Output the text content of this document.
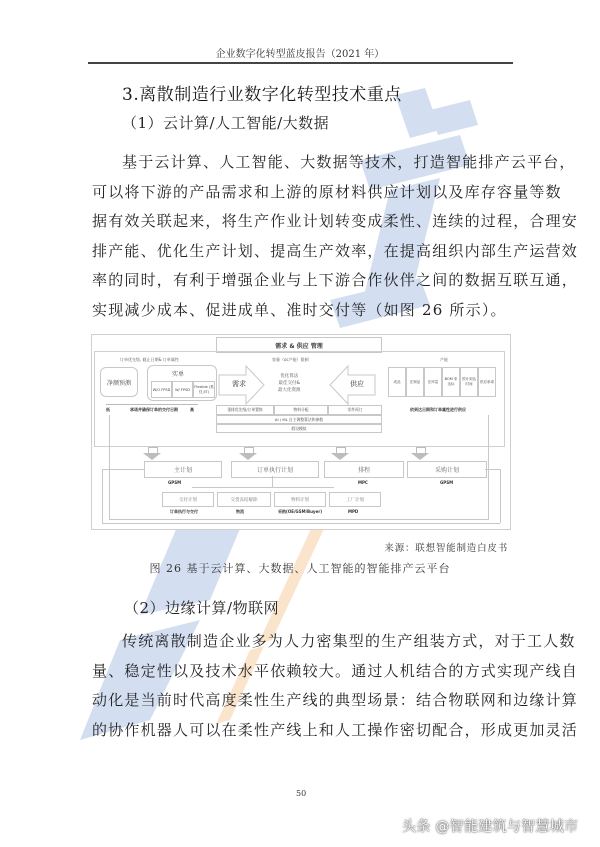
企业数字化转型蓝皮报告（2021 年）
3.离散制造行业数字化转型技术重点
（1）云计算/人工智能/大数据
基于云计算、人工智能、大数据等技术，打造智能排产云平台，
可以将下游的产品需求和上游的原材料供应计划以及库存容量等数
据有效关联起来，将生产作业计划转变成柔性、连续的过程，合理安
排产能、优化生产计划、提高生产效率，在提高组织内部生产运营效
率的同时，有利于增强企业与上下游合作伙伴之间的数据互联互通，
实现减少成本、促进成单、准时交付等（如图 26 所示）。
需求 & 供应 管理
订单优先级, 截止日期& 订单属性	容量（oc产能）限制	产能
净额预测
实单
W/O FPSD	W/ FPSD
Flexible (柔性 JIT)
低	承诺并确保订单的交付日期	高
需求
优化算法
最佳交付&
最大化资源
供应	成品	在制品	在库量
BOM 来达标
预计到达时间
供应承诺
依到达日期和订单属性进行供应
重排优先级/订单置换	物料分配	零件预订
AI / ML 自主调整算法和参数
假设模拟
主计划	订单执行计划	排程	采购计划
GPSM	MPC	GPSM
交付计划	交货冻结解除	物料计划	工厂计划
订单执行与交付	物流	采购(OE/GSM/Buyer)	MPD
来源：联想智能制造白皮书
图 26 基于云计算、大数据、人工智能的智能排产云平台
（2）边缘计算/物联网
传统离散制造企业多为人力密集型的生产组装方式，对于工人数
量、稳定性以及技术水平依赖较大。通过人机结合的方式实现产线自
动化是当前时代高度柔性生产线的典型场景：结合物联网和边缘计算
的协作机器人可以在柔性产线上和人工操作密切配合，形成更加灵活
50
头条 @智能建筑与智慧城市
